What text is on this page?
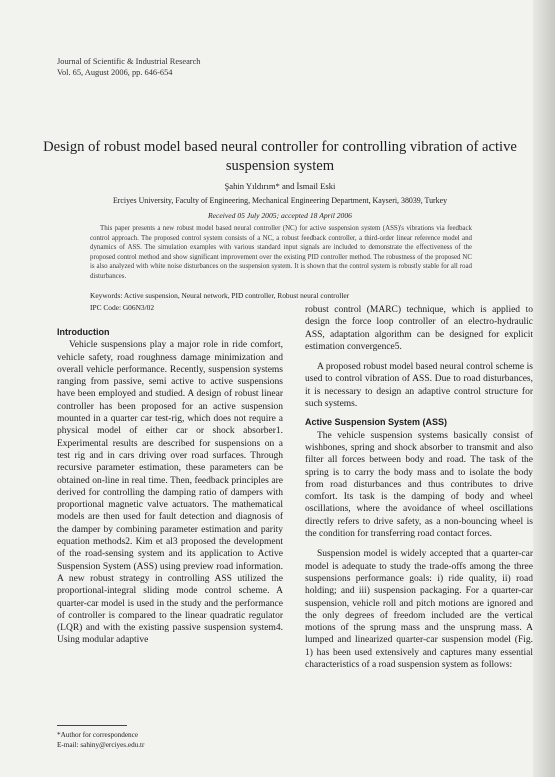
Journal of Scientific & Industrial Research
Vol. 65, August 2006, pp. 646-654
Design of robust model based neural controller for controlling vibration of active suspension system
Şahin Yıldırım* and İsmail Eski
Erciyes University, Faculty of Engineering, Mechanical Engineering Department, Kayseri, 38039, Turkey
Received 05 July 2005; accepted 18 April 2006
This paper presents a new robust model based neural controller (NC) for active suspension system (ASS)'s vibrations via feedback control approach. The proposed control system consists of a NC, a robust feedback controller, a third-order linear reference model and dynamics of ASS. The simulation examples with various standard input signals are included to demonstrate the effectiveness of the proposed control method and show significant improvement over the existing PID controller method. The robustness of the proposed NC is also analyzed with white noise disturbances on the suspension system. It is shown that the control system is robustly stable for all road disturbances.
Keywords: Active suspension, Neural network, PID controller, Robust neural controller
IPC Code: G06N3/02
Introduction

Vehicle suspensions play a major role in ride comfort, vehicle safety, road roughness damage minimization and overall vehicle performance. Recently, suspension systems ranging from passive, semi active to active suspensions have been employed and studied. A design of robust linear controller has been proposed for an active suspension mounted in a quarter car test-rig, which does not require a physical model of either car or shock absorber1. Experimental results are described for suspensions on a test rig and in cars driving over road surfaces. Through recursive parameter estimation, these parameters can be obtained on-line in real time. Then, feedback principles are derived for controlling the damping ratio of dampers with proportional magnetic valve actuators. The mathematical models are then used for fault detection and diagnosis of the damper by combining parameter estimation and parity equation methods2. Kim et al3 proposed the development of the road-sensing system and its application to Active Suspension System (ASS) using preview road information. A new robust strategy in controlling ASS utilized the proportional-integral sliding mode control scheme. A quarter-car model is used in the study and the performance of controller is compared to the linear quadratic regulator (LQR) and with the existing passive suspension system4. Using modular adaptive

robust control (MARC) technique, which is applied to design the force loop controller of an electro-hydraulic ASS, adaptation algorithm can be designed for explicit estimation convergence5.

A proposed robust model based neural control scheme is used to control vibration of ASS. Due to road disturbances, it is necessary to design an adaptive control structure for such systems.

Active Suspension System (ASS)

The vehicle suspension systems basically consist of wishbones, spring and shock absorber to transmit and also filter all forces between body and road. The task of the spring is to carry the body mass and to isolate the body from road disturbances and thus contributes to drive comfort. Its task is the damping of body and wheel oscillations, where the avoidance of wheel oscillations directly refers to drive safety, as a non-bouncing wheel is the condition for transferring road contact forces.

Suspension model is widely accepted that a quarter-car model is adequate to study the trade-offs among the three suspensions performance goals: i) ride quality, ii) road holding; and iii) suspension packaging. For a quarter-car suspension, vehicle roll and pitch motions are ignored and the only degrees of freedom included are the vertical motions of the sprung mass and the unsprung mass. A lumped and linearized quarter-car suspension model (Fig. 1) has been used extensively and captures many essential characteristics of a road suspension system as follows:

*Author for correspondence
E-mail: sahiny@erciyes.edu.tr
